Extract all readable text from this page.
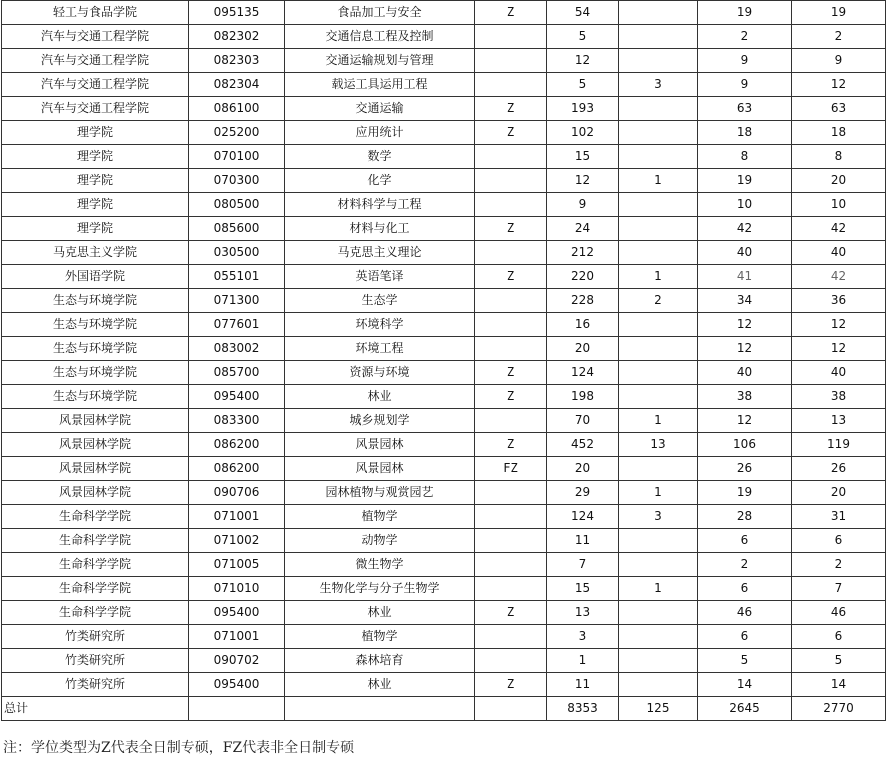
轻工与食品学院	095135	食品加工与安全	Z	54		19	19
汽车与交通工程学院	082302	交通信息工程及控制		5		2	2
汽车与交通工程学院	082303	交通运输规划与管理		12		9	9
汽车与交通工程学院	082304	载运工具运用工程		5	3	9	12
汽车与交通工程学院	086100	交通运输	Z	193		63	63
理学院	025200	应用统计	Z	102		18	18
理学院	070100	数学		15		8	8
理学院	070300	化学		12	1	19	20
理学院	080500	材料科学与工程		9		10	10
理学院	085600	材料与化工	Z	24		42	42
马克思主义学院	030500	马克思主义理论		212		40	40
外国语学院	055101	英语笔译	Z	220	1	41	42
生态与环境学院	071300	生态学		228	2	34	36
生态与环境学院	077601	环境科学		16		12	12
生态与环境学院	083002	环境工程		20		12	12
生态与环境学院	085700	资源与环境	Z	124		40	40
生态与环境学院	095400	林业	Z	198		38	38
风景园林学院	083300	城乡规划学		70	1	12	13
风景园林学院	086200	风景园林	Z	452	13	106	119
风景园林学院	086200	风景园林	FZ	20		26	26
风景园林学院	090706	园林植物与观赏园艺		29	1	19	20
生命科学学院	071001	植物学		124	3	28	31
生命科学学院	071002	动物学		11		6	6
生命科学学院	071005	微生物学		7		2	2
生命科学学院	071010	生物化学与分子生物学		15	1	6	7
生命科学学院	095400	林业	Z	13		46	46
竹类研究所	071001	植物学		3		6	6
竹类研究所	090702	森林培育		1		5	5
竹类研究所	095400	林业	Z	11		14	14
总计				8353	125	2645	2770
注：学位类型为Z代表全日制专硕，FZ代表非全日制专硕
